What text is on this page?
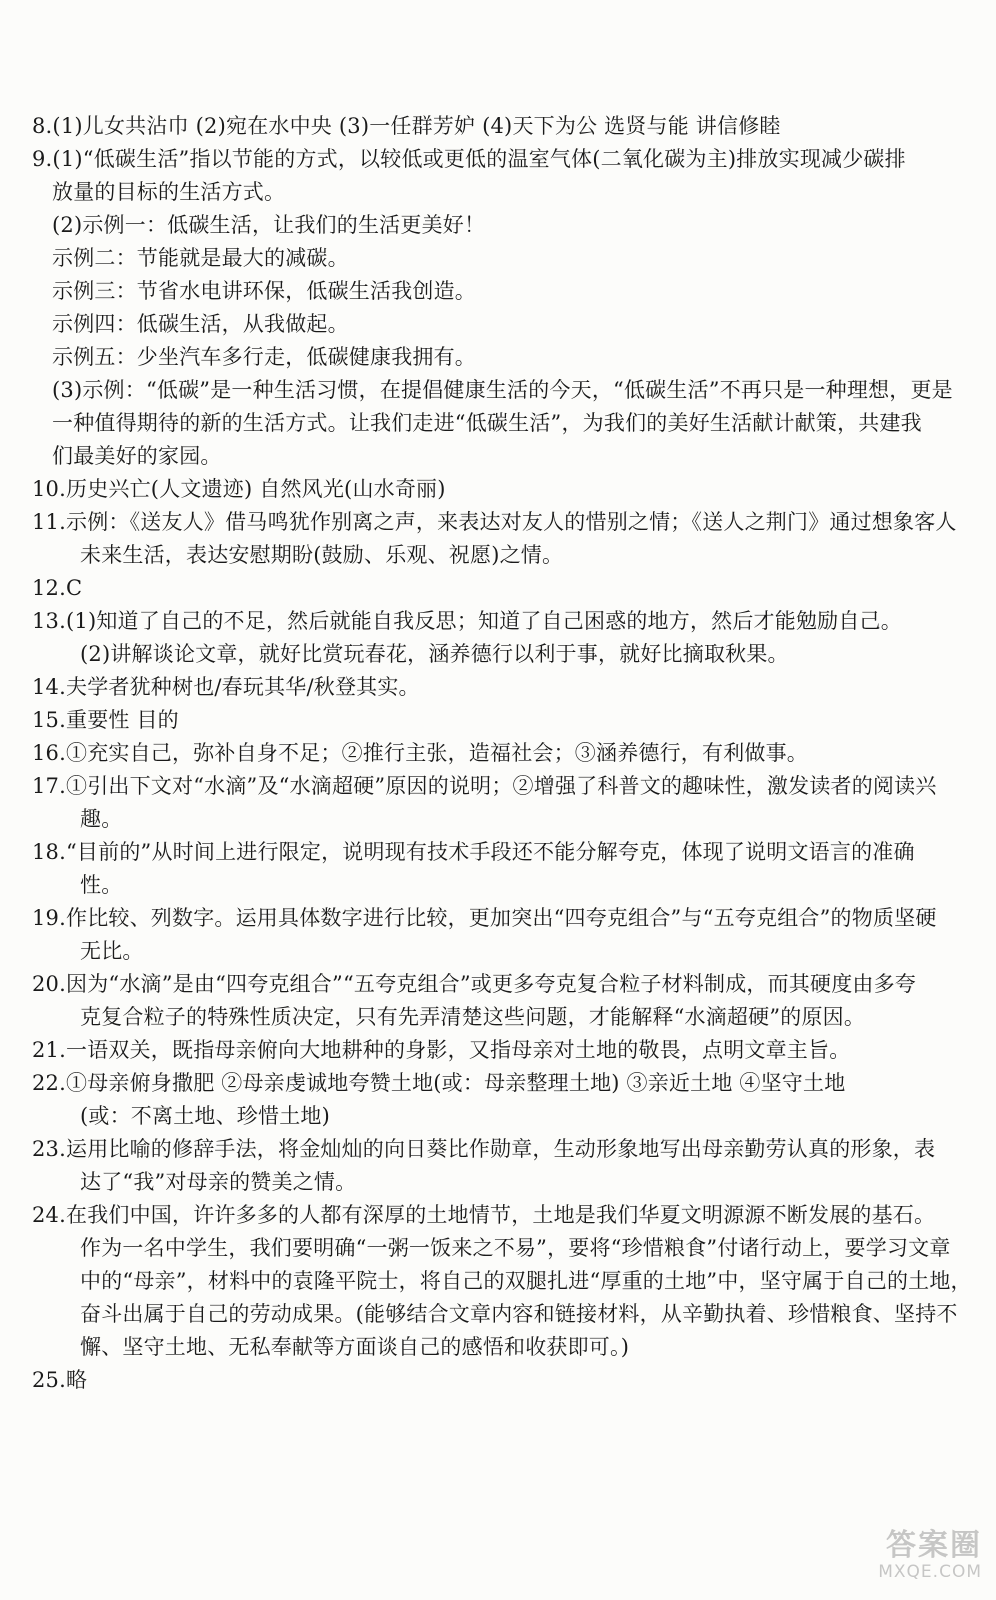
8.(1)儿女共沾巾 (2)宛在水中央 (3)一任群芳妒 (4)天下为公 选贤与能 讲信修睦
9.(1)“低碳生活”指以节能的方式，以较低或更低的温室气体(二氧化碳为主)排放实现减少碳排
放量的目标的生活方式。
(2)示例一：低碳生活，让我们的生活更美好！
示例二：节能就是最大的减碳。
示例三：节省水电讲环保，低碳生活我创造。
示例四：低碳生活，从我做起。
示例五：少坐汽车多行走，低碳健康我拥有。
(3)示例：“低碳”是一种生活习惯，在提倡健康生活的今天，“低碳生活”不再只是一种理想，更是
一种值得期待的新的生活方式。让我们走进“低碳生活”，为我们的美好生活献计献策，共建我
们最美好的家园。
10.历史兴亡(人文遗迹) 自然风光(山水奇丽)
11.示例：《送友人》借马鸣犹作别离之声，来表达对友人的惜别之情；《送人之荆门》通过想象客人
未来生活，表达安慰期盼(鼓励、乐观、祝愿)之情。
12.C
13.(1)知道了自己的不足，然后就能自我反思；知道了自己困惑的地方，然后才能勉励自己。
(2)讲解谈论文章，就好比赏玩春花，涵养德行以利于事，就好比摘取秋果。
14.夫学者犹种树也/春玩其华/秋登其实。
15.重要性 目的
16.①充实自己，弥补自身不足；②推行主张，造福社会；③涵养德行，有利做事。
17.①引出下文对“水滴”及“水滴超硬”原因的说明；②增强了科普文的趣味性，激发读者的阅读兴
趣。
18.“目前的”从时间上进行限定，说明现有技术手段还不能分解夸克，体现了说明文语言的准确
性。
19.作比较、列数字。运用具体数字进行比较，更加突出“四夸克组合”与“五夸克组合”的物质坚硬
无比。
20.因为“水滴”是由“四夸克组合”“五夸克组合”或更多夸克复合粒子材料制成，而其硬度由多夸
克复合粒子的特殊性质决定，只有先弄清楚这些问题，才能解释“水滴超硬”的原因。
21.一语双关，既指母亲俯向大地耕种的身影，又指母亲对土地的敬畏，点明文章主旨。
22.①母亲俯身撒肥 ②母亲虔诚地夸赞土地(或：母亲整理土地) ③亲近土地 ④坚守土地
(或：不离土地、珍惜土地)
23.运用比喻的修辞手法，将金灿灿的向日葵比作勋章，生动形象地写出母亲勤劳认真的形象，表
达了“我”对母亲的赞美之情。
24.在我们中国，许许多多的人都有深厚的土地情节，土地是我们华夏文明源源不断发展的基石。
作为一名中学生，我们要明确“一粥一饭来之不易”，要将“珍惜粮食”付诸行动上，要学习文章
中的“母亲”，材料中的袁隆平院士，将自己的双腿扎进“厚重的土地”中，坚守属于自己的土地，
奋斗出属于自己的劳动成果。(能够结合文章内容和链接材料，从辛勤执着、珍惜粮食、坚持不
懈、坚守土地、无私奉献等方面谈自己的感悟和收获即可。)
25.略
答案圈
MXQE.COM
